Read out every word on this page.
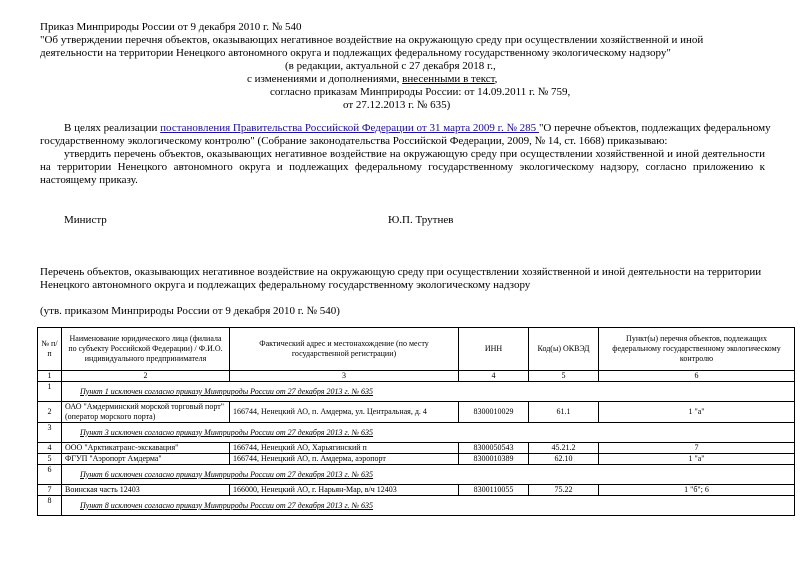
Приказ Минприроды России от 9 декабря 2010 г. № 540
"Об утверждении перечня объектов, оказывающих негативное воздействие на окружающую среду при осуществлении хозяйственной и иной
деятельности на территории Ненецкого автономного округа и подлежащих федеральному государственному экологическому надзору"
(в редакции, актуальной с 27 декабря 2018 г.,
с изменениями и дополнениями, внесенными в текст,
согласно приказам Минприроды России: от 14.09.2011 г. № 759,
от 27.12.2013 г. № 635)
В целях реализации постановления Правительства Российской Федерации от 31 марта 2009 г. № 285 "О перечне объектов, подлежащих федеральному
государственному экологическому контролю" (Собрание законодательства Российской Федерации, 2009, № 14, ст. 1668) приказываю:
утвердить перечень объектов, оказывающих негативное воздействие на окружающую среду при осуществлении хозяйственной и иной деятельности на территории Ненецкого автономного округа и подлежащих федеральному государственному экологическому надзору, согласно приложению к настоящему приказу.
Министр	Ю.П. Трутнев
Перечень объектов, оказывающих негативное воздействие на окружающую среду при осуществлении хозяйственной и иной деятельности на территории
Ненецкого автономного округа и подлежащих федеральному государственному экологическому надзору
(утв. приказом Минприроды России от 9 декабря 2010 г. № 540)
№ п/п	Наименование юридического лица (филиала по субъекту Российской Федерации) / Ф.И.О. индивидуального предпринимателя	Фактический адрес и местонахождение (по месту государственной регистрации)	ИНН	Код(ы) ОКВЭД	Пункт(ы) перечня объектов, подлежащих федеральному государственному экологическому контролю
1	2	3	4	5	6
1	Пункт 1 исключен согласно приказу Минприроды России от 27 декабря 2013 г. № 635				
2	ОАО "Амдерминский морской торговый порт" (оператор морского порта)	166744, Ненецкий АО, п. Амдерма, ул. Центральная, д. 4	8300010029	61.1	1 "а"
3	Пункт 3 исключен согласно приказу Минприроды России от 27 декабря 2013 г. № 635				
4	ООО "Арктикатранс-экскавация"	166744, Ненецкий АО, Харьягинский п	8300050543	45.21.2	7
5	ФГУП "Аэропорт Амдерма"	166744, Ненецкий АО, п. Амдерма, аэропорт	8300010389	62.10	1 "а"
6	Пункт 6 исключен согласно приказу Минприроды России от 27 декабря 2013 г. № 635				
7	Воинская часть 12403	166000, Ненецкий АО, г. Нарьян-Мар, в/ч 12403	8300110055	75.22	1 "б"; 6
8	Пункт 8 исключен согласно приказу Минприроды России от 27 декабря 2013 г. № 635				
